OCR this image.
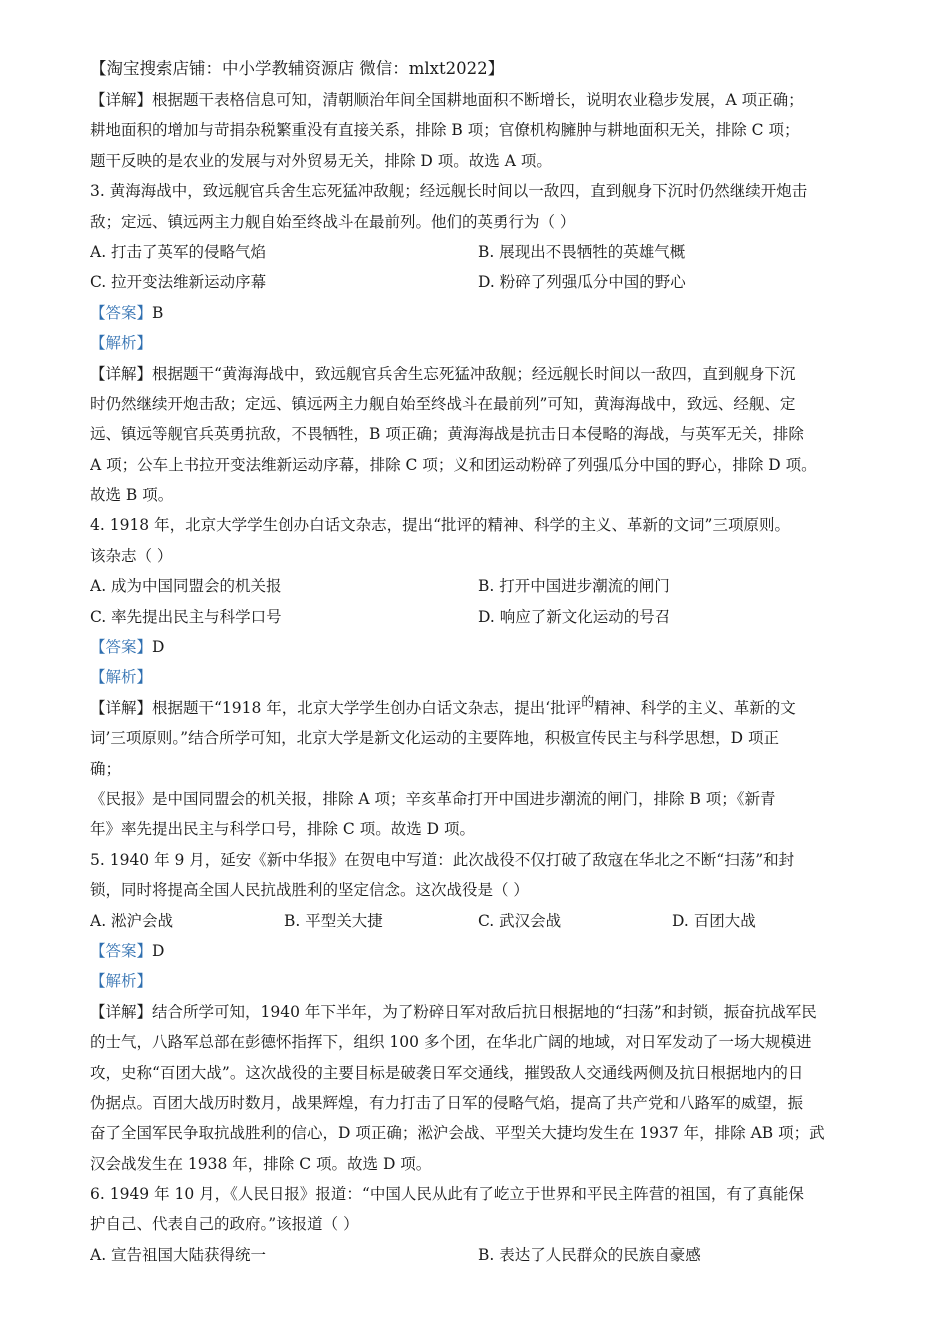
【淘宝搜索店铺：中小学教辅资源店 微信：mlxt2022】
【详解】根据题干表格信息可知，清朝顺治年间全国耕地面积不断增长，说明农业稳步发展，A 项正确；
耕地面积的增加与苛捐杂税繁重没有直接关系，排除 B 项；官僚机构臃肿与耕地面积无关，排除 C 项；
题干反映的是农业的发展与对外贸易无关，排除 D 项。故选 A 项。
3. 黄海海战中，致远舰官兵舍生忘死猛冲敌舰；经远舰长时间以一敌四，直到舰身下沉时仍然继续开炮击
敌；定远、镇远两主力舰自始至终战斗在最前列。他们的英勇行为（ ）
A. 打击了英军的侵略气焰	B. 展现出不畏牺牲的英雄气概
C. 拉开变法维新运动序幕	D. 粉碎了列强瓜分中国的野心
【答案】B
【解析】
【详解】根据题干“黄海海战中，致远舰官兵舍生忘死猛冲敌舰；经远舰长时间以一敌四，直到舰身下沉
时仍然继续开炮击敌；定远、镇远两主力舰自始至终战斗在最前列”可知，黄海海战中，致远、经舰、定
远、镇远等舰官兵英勇抗敌，不畏牺牲，B 项正确；黄海海战是抗击日本侵略的海战，与英军无关，排除
A 项；公车上书拉开变法维新运动序幕，排除 C 项；义和团运动粉碎了列强瓜分中国的野心，排除 D 项。
故选 B 项。
4. 1918 年，北京大学学生创办白话文杂志，提出“批评的精神、科学的主义、革新的文词”三项原则。
该杂志（ ）
A. 成为中国同盟会的机关报	B. 打开中国进步潮流的闸门
C. 率先提出民主与科学口号	D. 响应了新文化运动的号召
【答案】D
【解析】
【详解】根据题干“1918 年，北京大学学生创办白话文杂志，提出‘批评$^的$精神、科学的主义、革新的文
词’三项原则。”结合所学可知，北京大学是新文化运动的主要阵地，积极宣传民主与科学思想，D 项正
确；
《民报》是中国同盟会的机关报，排除 A 项；辛亥革命打开中国进步潮流的闸门，排除 B 项；《新青
年》率先提出民主与科学口号，排除 C 项。故选 D 项。
5. 1940 年 9 月，延安《新中华报》在贺电中写道：此次战役不仅打破了敌寇在华北之不断“扫荡”和封
锁，同时将提高全国人民抗战胜利的坚定信念。这次战役是（ ）
A. 淞沪会战	B. 平型关大捷	C. 武汉会战	D. 百团大战
【答案】D
【解析】
【详解】结合所学可知，1940 年下半年，为了粉碎日军对敌后抗日根据地的“扫荡”和封锁，振奋抗战军民
的士气，八路军总部在彭德怀指挥下，组织 100 多个团，在华北广阔的地域，对日军发动了一场大规模进
攻，史称“百团大战”。这次战役的主要目标是破袭日军交通线，摧毁敌人交通线两侧及抗日根据地内的日
伪据点。百团大战历时数月，战果辉煌，有力打击了日军的侵略气焰，提高了共产党和八路军的威望，振
奋了全国军民争取抗战胜利的信心，D 项正确；淞沪会战、平型关大捷均发生在 1937 年，排除 AB 项；武
汉会战发生在 1938 年，排除 C 项。故选 D 项。
6. 1949 年 10 月，《人民日报》报道：“中国人民从此有了屹立于世界和平民主阵营的祖国，有了真能保
护自己、代表自己的政府。”该报道（ ）
A. 宣告祖国大陆获得统一	B. 表达了人民群众的民族自豪感
